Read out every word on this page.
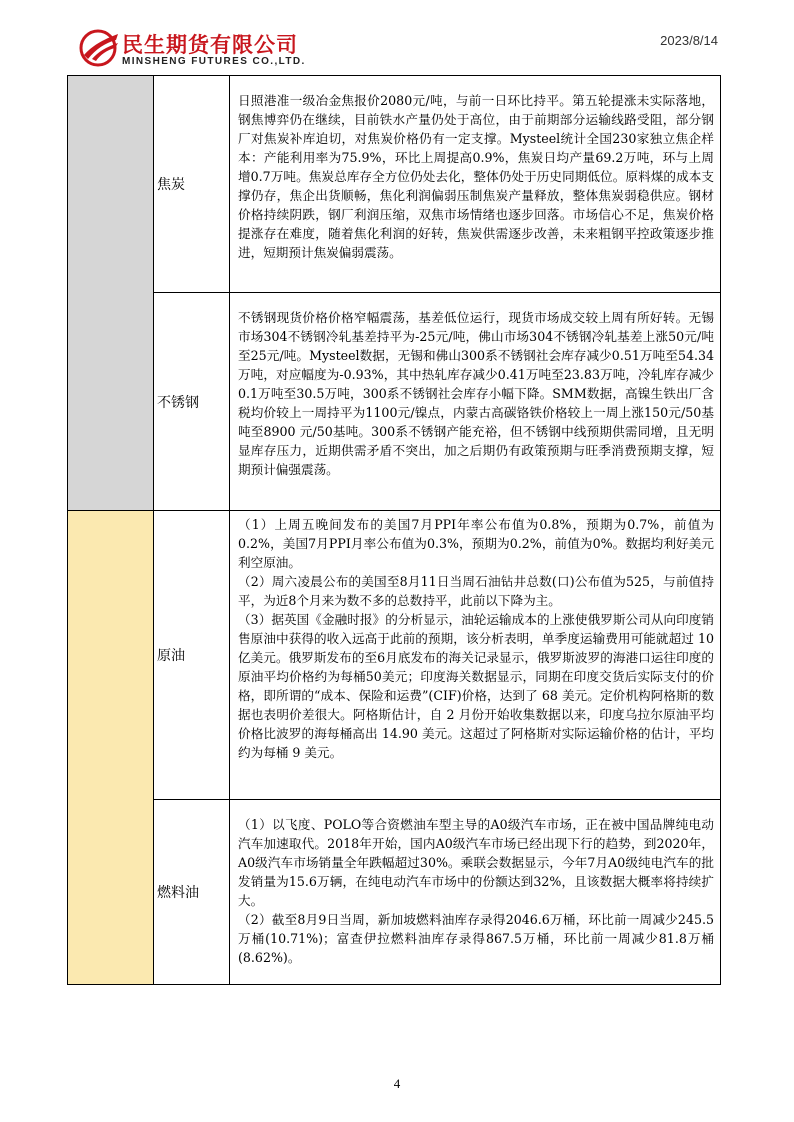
民生期货有限公司
MINSHENG FUTURES CO.,LTD.
2023/8/14
	焦炭	日照港准一级冶金焦报价2080元/吨，与前一日环比持平。第五轮提涨未实际落地，钢焦博弈仍在继续，目前铁水产量仍处于高位，由于前期部分运输线路受阻，部分钢厂对焦炭补库迫切，对焦炭价格仍有一定支撑。Mysteel统计全国230家独立焦企样本：产能利用率为75.9%，环比上周提高0.9%，焦炭日均产量69.2万吨，环与上周增0.7万吨。焦炭总库存全方位仍处去化，整体仍处于历史同期低位。原料煤的成本支撑仍存，焦企出货顺畅，焦化利润偏弱压制焦炭产量释放，整体焦炭弱稳供应。钢材价格持续阴跌，钢厂利润压缩，双焦市场情绪也逐步回落。市场信心不足，焦炭价格提涨存在难度，随着焦化利润的好转，焦炭供需逐步改善，未来粗钢平控政策逐步推进，短期预计焦炭偏弱震荡。

	不锈钢	不锈钢现货价格价格窄幅震荡，基差低位运行，现货市场成交较上周有所好转。无锡市场304不锈钢冷轧基差持平为-25元/吨，佛山市场304不锈钢冷轧基差上涨50元/吨至25元/吨。Mysteel数据，无锡和佛山300系不锈钢社会库存减少0.51万吨至54.34万吨，对应幅度为-0.93%，其中热轧库存减少0.41万吨至23.83万吨，冷轧库存减少0.1万吨至30.5万吨，300系不锈钢社会库存小幅下降。SMM数据，高镍生铁出厂含税均价较上一周持平为1100元/镍点，内蒙古高碳铬铁价格较上一周上涨150元/50基吨至8900 元/50基吨。300系不锈钢产能充裕，但不锈钢中线预期供需同增，且无明显库存压力，近期供需矛盾不突出，加之后期仍有政策预期与旺季消费预期支撑，短期预计偏强震荡。

	原油	（1）上周五晚间发布的美国7月PPI年率公布值为0.8%，预期为0.7%，前值为0.2%，美国7月PPI月率公布值为0.3%，预期为0.2%，前值为0%。数据均利好美元利空原油。

（2）周六凌晨公布的美国至8月11日当周石油钻井总数(口)公布值为525，与前值持平，为近8个月来为数不多的总数持平，此前以下降为主。

（3）据英国《金融时报》的分析显示，油轮运输成本的上涨使俄罗斯公司从向印度销售原油中获得的收入远高于此前的预期，该分析表明，单季度运输费用可能就超过 10 亿美元。俄罗斯发布的至6月底发布的海关记录显示，俄罗斯波罗的海港口运往印度的原油平均价格约为每桶50美元；印度海关数据显示，同期在印度交货后实际支付的价格，即所谓的“成本、保险和运费”(CIF)价格，达到了 68 美元。定价机构阿格斯的数据也表明价差很大。阿格斯估计，自 2 月份开始收集数据以来，印度乌拉尔原油平均价格比波罗的海每桶高出 14.90 美元。这超过了阿格斯对实际运输价格的估计，平均约为每桶 9 美元。

	燃料油	（1）以飞度、POLO等合资燃油车型主导的A0级汽车市场，正在被中国品牌纯电动汽车加速取代。2018年开始，国内A0级汽车市场已经出现下行的趋势，到2020年，A0级汽车市场销量全年跌幅超过30%。乘联会数据显示，今年7月A0级纯电汽车的批发销量为15.6万辆，在纯电动汽车市场中的份额达到32%，且该数据大概率将持续扩大。

（2）截至8月9日当周，新加坡燃料油库存录得2046.6万桶，环比前一周减少245.5万桶(10.71%)；富查伊拉燃料油库存录得867.5万桶，环比前一周减少81.8万桶(8.62%)。

4
